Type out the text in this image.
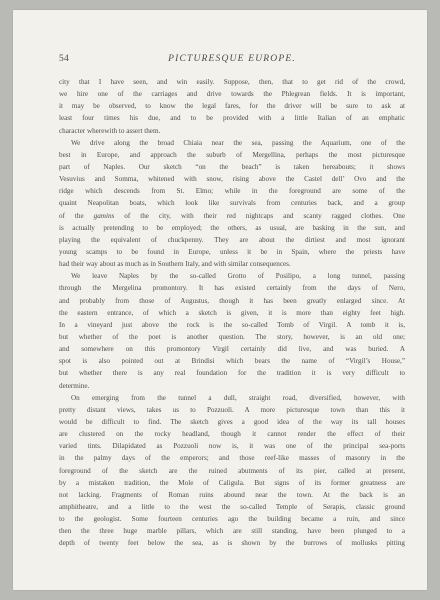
54	PICTURESQUE EUROPE.
city that I have seen, and win easily. Suppose, then, that to get rid of the crowd,
we hire one of the carriages and drive towards the Phlegrean fields. It is important,
it may be observed, to know the legal fares, for the driver will be sure to ask at
least four times his due, and to be provided with a little Italian of an emphatic
character wherewith to assert them.
We drive along the broad Chiaia near the sea, passing the Aquarium, one of the
best in Europe, and approach the suburb of Mergellina, perhaps the most picturesque
part of Naples. Our sketch “on the beach” is taken hereabouts; it shows
Vesuvius and Somma, whitened with snow, rising above the Castel dell’ Ovo and the
ridge which descends from St. Elmo; while in the foreground are some of the
quaint Neapolitan boats, which look like survivals from centuries back, and a group
of the gamins of the city, with their red nightcaps and scanty ragged clothes. One
is actually pretending to be employed; the others, as usual, are basking in the sun, and
playing the equivalent of chuckpenny. They are about the dirtiest and most ignorant
young scamps to be found in Europe, unless it be in Spain, where the priests have
had their way about as much as in Southern Italy, and with similar consequences.
We leave Naples by the so-called Grotto of Posilipo, a long tunnel, passing
through the Mergelina promontory. It has existed certainly from the days of Nero,
and probably from those of Augustus, though it has been greatly enlarged since. At
the eastern entrance, of which a sketch is given, it is more than eighty feet high.
In a vineyard just above the rock is the so-called Tomb of Virgil. A tomb it is,
but whether of the poet is another question. The story, however, is an old one;
and somewhere on this promontory Virgil certainly did live, and was buried. A
spot is also pointed out at Brindisi which bears the name of “Virgil’s House,”
but whether there is any real foundation for the tradition it is very difficult to
determine.
On emerging from the tunnel a dull, straight road, diversified, however, with
pretty distant views, takes us to Pozzuoli. A more picturesque town than this it
would be difficult to find. The sketch gives a good idea of the way its tall houses
are clustered on the rocky headland, though it cannot render the effect of their
varied tints. Dilapidated as Pozzuoli now is, it was one of the principal sea-ports
in the palmy days of the emperors; and those reef-like masses of masonry in the
foreground of the sketch are the ruined abutments of its pier, called at present,
by a mistaken tradition, the Mole of Caligula. But signs of its former greatness are
not lacking. Fragments of Roman ruins abound near the town. At the back is an
amphitheatre, and a little to the west the so-called Temple of Serapis, classic ground
to the geologist. Some fourteen centuries ago the building became a ruin, and since
then the three huge marble pillars, which are still standing, have been plunged to a
depth of twenty feet below the sea, as is shown by the burrows of mollusks pitting
